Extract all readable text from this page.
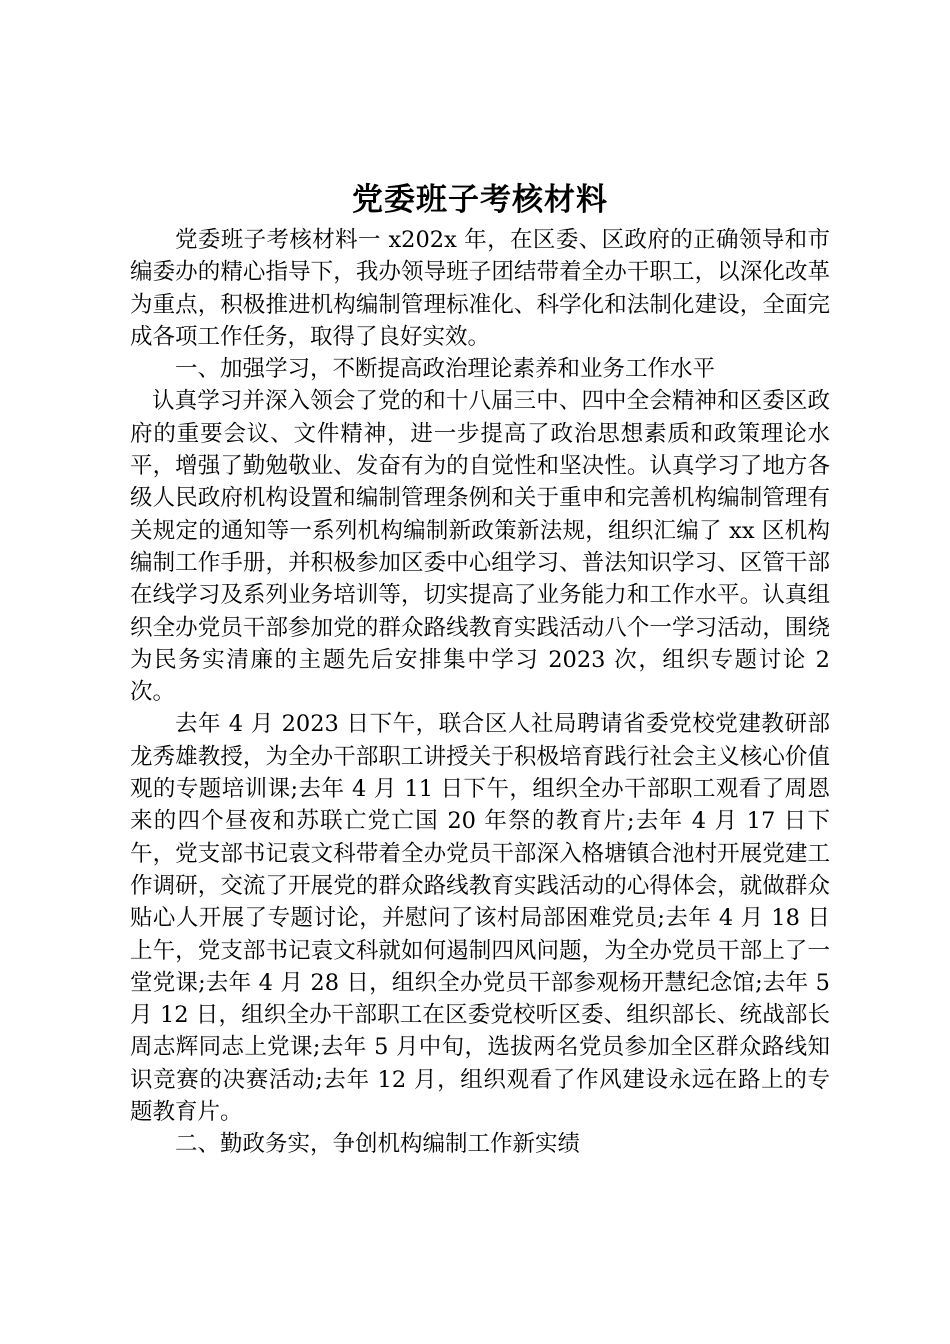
党委班子考核材料

党委班子考核材料一 x202x 年，在区委、区政府的正确领导和市编委办的精心指导下，我办领导班子团结带着全办干职工，以深化改革为重点，积极推进机构编制管理标准化、科学化和法制化建设，全面完成各项工作任务，取得了良好实效。

一、加强学习，不断提高政治理论素养和业务工作水平

认真学习并深入领会了党的和十八届三中、四中全会精神和区委区政府的重要会议、文件精神，进一步提高了政治思想素质和政策理论水平，增强了勤勉敬业、发奋有为的自觉性和坚决性。认真学习了地方各级人民政府机构设置和编制管理条例和关于重申和完善机构编制管理有关规定的通知等一系列机构编制新政策新法规，组织汇编了 xx 区机构编制工作手册，并积极参加区委中心组学习、普法知识学习、区管干部在线学习及系列业务培训等，切实提高了业务能力和工作水平。认真组织全办党员干部参加党的群众路线教育实践活动八个一学习活动，围绕为民务实清廉的主题先后安排集中学习 2023 次，组织专题讨论 2 次。

去年 4 月 2023 日下午，联合区人社局聘请省委党校党建教研部龙秀雄教授，为全办干部职工讲授关于积极培育践行社会主义核心价值观的专题培训课;去年 4 月 11 日下午，组织全办干部职工观看了周恩来的四个昼夜和苏联亡党亡国 20 年祭的教育片;去年 4 月 17 日下午，党支部书记袁文科带着全办党员干部深入格塘镇合池村开展党建工作调研，交流了开展党的群众路线教育实践活动的心得体会，就做群众贴心人开展了专题讨论，并慰问了该村局部困难党员;去年 4 月 18 日上午，党支部书记袁文科就如何遏制四风问题，为全办党员干部上了一堂党课;去年 4 月 28 日，组织全办党员干部参观杨开慧纪念馆;去年 5 月 12 日，组织全办干部职工在区委党校听区委、组织部长、统战部长周志辉同志上党课;去年 5 月中旬，选拔两名党员参加全区群众路线知识竞赛的决赛活动;去年 12 月，组织观看了作风建设永远在路上的专题教育片。

二、勤政务实，争创机构编制工作新实绩
